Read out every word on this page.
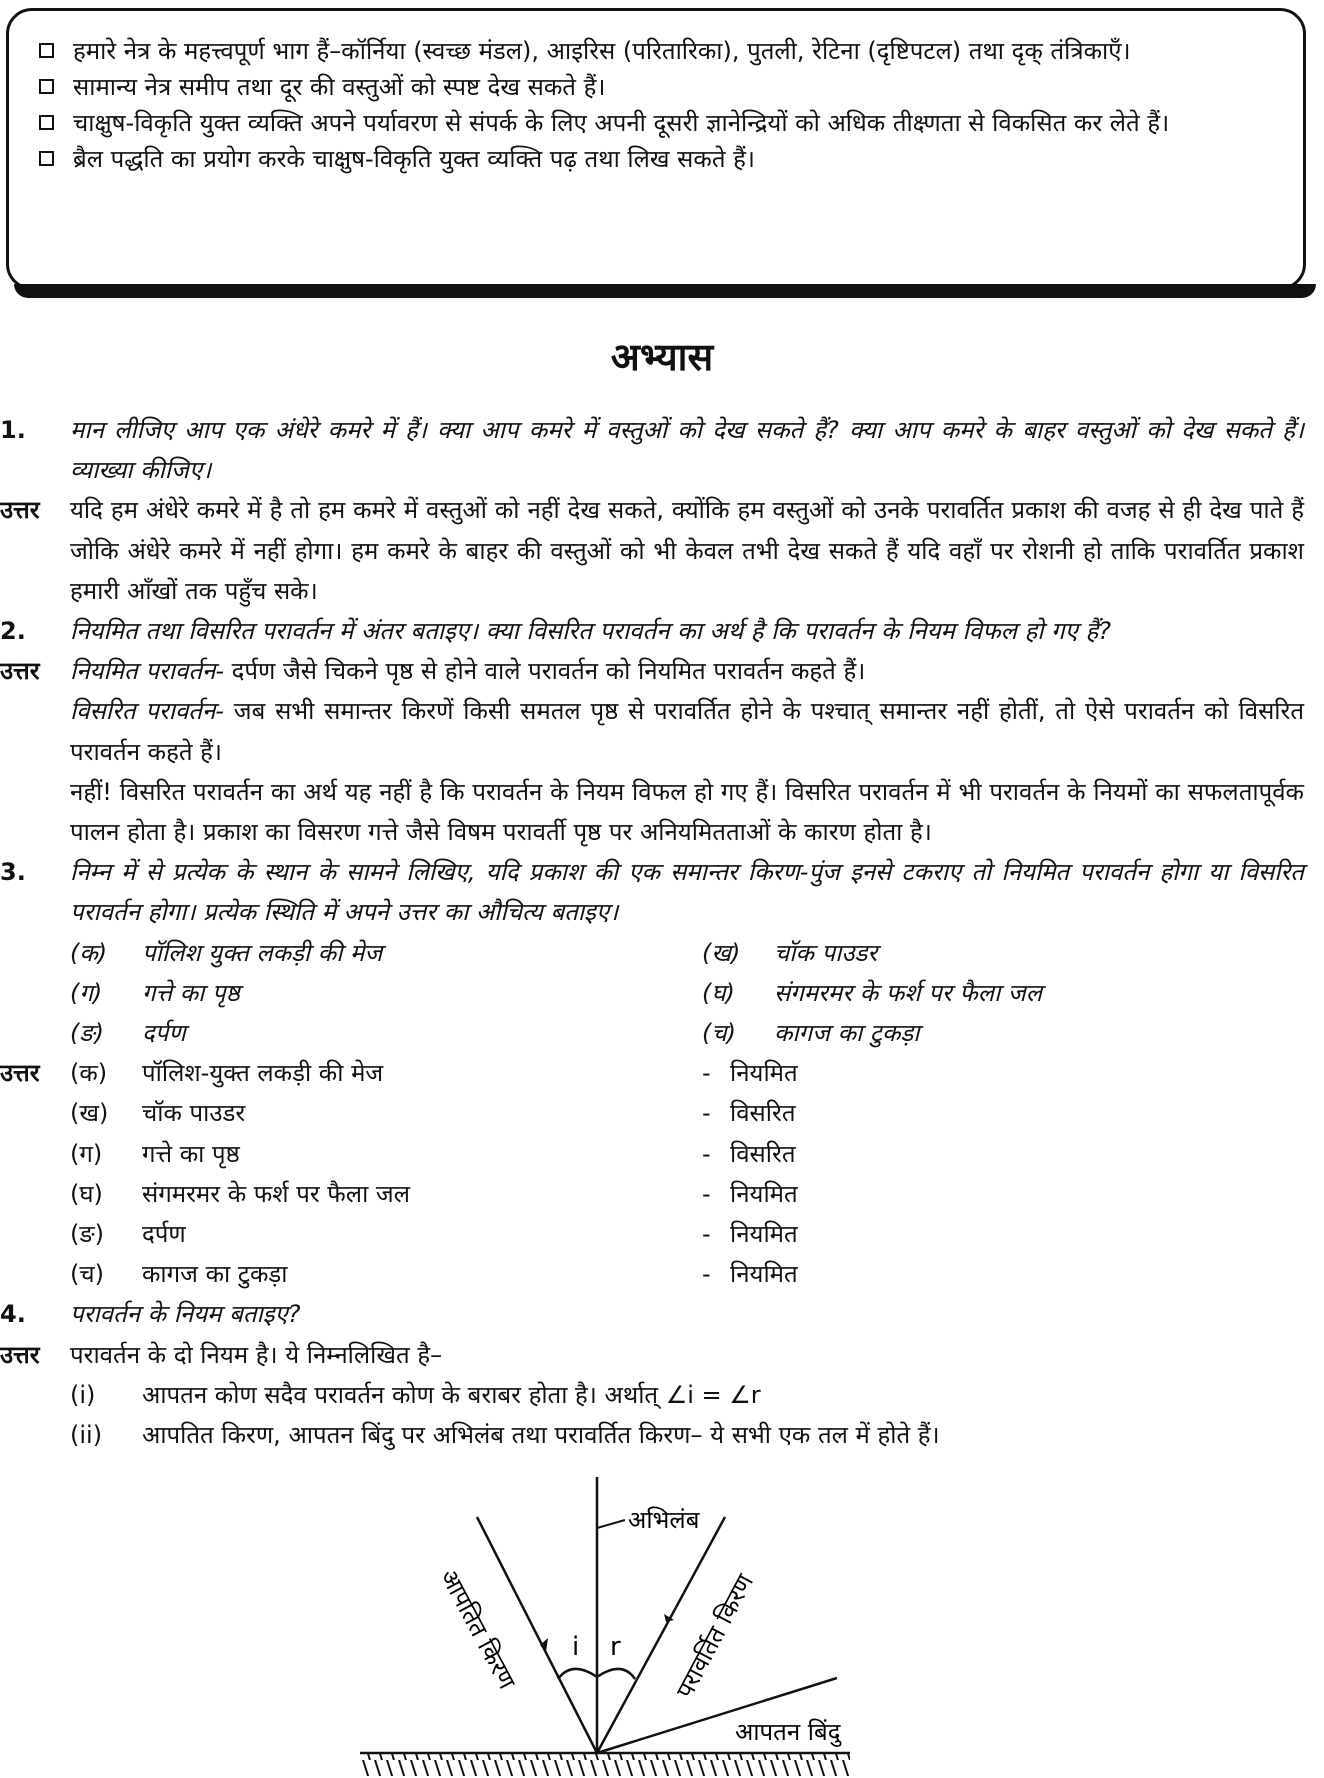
हमारे नेत्र के महत्त्वपूर्ण भाग हैं–कॉर्निया (स्वच्छ मंडल), आइरिस (परितारिका), पुतली, रेटिना (दृष्टिपटल) तथा दृक् तंत्रिकाएँ।
सामान्य नेत्र समीप तथा दूर की वस्तुओं को स्पष्ट देख सकते हैं।
चाक्षुष-विकृति युक्त व्यक्ति अपने पर्यावरण से संपर्क के लिए अपनी दूसरी ज्ञानेन्द्रियों को अधिक तीक्ष्णता से विकसित कर लेते हैं।
ब्रैल पद्धति का प्रयोग करके चाक्षुष-विकृति युक्त व्यक्ति पढ़ तथा लिख सकते हैं।
अभ्यास
1.	मान लीजिए आप एक अंधेरे कमरे में हैं। क्या आप कमरे में वस्तुओं को देख सकते हैं? क्या आप कमरे के बाहर वस्तुओं को देख सकते हैं। व्याख्या कीजिए।
उत्तर	यदि हम अंधेरे कमरे में है तो हम कमरे में वस्तुओं को नहीं देख सकते, क्योंकि हम वस्तुओं को उनके परावर्तित प्रकाश की वजह से ही देख पाते हैं जोकि अंधेरे कमरे में नहीं होगा। हम कमरे के बाहर की वस्तुओं को भी केवल तभी देख सकते हैं यदि वहाँ पर रोशनी हो ताकि परावर्तित प्रकाश हमारी आँखों तक पहुँच सके।
2.	नियमित तथा विसरित परावर्तन में अंतर बताइए। क्या विसरित परावर्तन का अर्थ है कि परावर्तन के नियम विफल हो गए हैं?
उत्तर	नियमित परावर्तन- दर्पण जैसे चिकने पृष्ठ से होने वाले परावर्तन को नियमित परावर्तन कहते हैं।
विसरित परावर्तन- जब सभी समान्तर किरणें किसी समतल पृष्ठ से परावर्तित होने के पश्चात् समान्तर नहीं होतीं, तो ऐसे परावर्तन को विसरित परावर्तन कहते हैं।
नहीं! विसरित परावर्तन का अर्थ यह नहीं है कि परावर्तन के नियम विफल हो गए हैं। विसरित परावर्तन में भी परावर्तन के नियमों का सफलतापूर्वक पालन होता है। प्रकाश का विसरण गत्ते जैसे विषम परावर्ती पृष्ठ पर अनियमितताओं के कारण होता है।
3.	निम्न में से प्रत्येक के स्थान के सामने लिखिए, यदि प्रकाश की एक समान्तर किरण-पुंज इनसे टकराए तो नियमित परावर्तन होगा या विसरित परावर्तन होगा। प्रत्येक स्थिति में अपने उत्तर का औचित्य बताइए।
(क)	पॉलिश युक्त लकड़ी की मेज	(ख)	चॉक पाउडर
(ग)	गत्ते का पृष्ठ	(घ)	संगमरमर के फर्श पर फैला जल
(ङ)	दर्पण	(च)	कागज का टुकड़ा
उत्तर	(क)	पॉलिश-युक्त लकड़ी की मेज	- नियमित
(ख)	चॉक पाउडर	- विसरित
(ग)	गत्ते का पृष्ठ	- विसरित
(घ)	संगमरमर के फर्श पर फैला जल	- नियमित
(ङ)	दर्पण	- नियमित
(च)	कागज का टुकड़ा	- नियमित
4.	परावर्तन के नियम बताइए?
उत्तर	परावर्तन के दो नियम है। ये निम्नलिखित है–
(i)	आपतन कोण सदैव परावर्तन कोण के बराबर होता है। अर्थात् ∠i = ∠r
(ii)	आपतित किरण, आपतन बिंदु पर अभिलंब तथा परावर्तित किरण– ये सभी एक तल में होते हैं।
i r
अभिलंब
आपतित किरण	परावर्तित किरण
आपतन बिंदु
